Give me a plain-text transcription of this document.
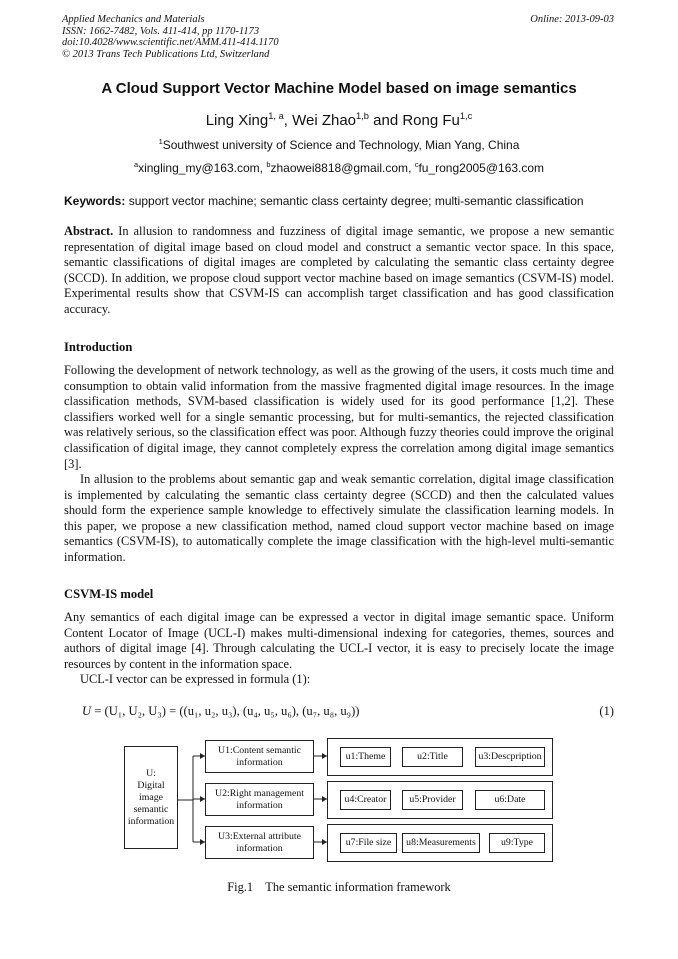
Applied Mechanics and Materials
ISSN: 1662-7482, Vols. 411-414, pp 1170-1173
doi:10.4028/www.scientific.net/AMM.411-414.1170
© 2013 Trans Tech Publications Ltd, Switzerland
Online: 2013-09-03
A Cloud Support Vector Machine Model based on image semantics
Ling Xing$^{1, a}$, Wei Zhao$^{1,b}$ and Rong Fu$^{1,c}$
$^1$Southwest university of Science and Technology, Mian Yang, China
$^a$xingling_my@163.com, $^b$zhaowei8818@gmail.com, $^c$fu_rong2005@163.com
Keywords: support vector machine; semantic class certainty degree; multi-semantic classification

Abstract. In allusion to randomness and fuzziness of digital image semantic, we propose a new semantic representation of digital image based on cloud model and construct a semantic vector space. In this space, semantic classifications of digital images are completed by calculating the semantic class certainty degree (SCCD). In addition, we propose cloud support vector machine based on image semantics (CSVM-IS) model. Experimental results show that CSVM-IS can accomplish target classification and has good classification accuracy.

Introduction

Following the development of network technology, as well as the growing of the users, it costs much time and consumption to obtain valid information from the massive fragmented digital image resources. In the image classification methods, SVM-based classification is widely used for its good performance [1,2]. These classifiers worked well for a single semantic processing, but for multi-semantics, the rejected classification was relatively serious, so the classification effect was poor. Although fuzzy theories could improve the original classification of digital image, they cannot completely express the correlation among digital image semantics [3].

In allusion to the problems about semantic gap and weak semantic correlation, digital image classification is implemented by calculating the semantic class certainty degree (SCCD) and then the calculated values should form the experience sample knowledge to effectively simulate the classification learning models. In this paper, we propose a new classification method, named cloud support vector machine based on image semantics (CSVM-IS), to automatically complete the image classification with the high-level multi-semantic information.

CSVM-IS model

Any semantics of each digital image can be expressed a vector in digital image semantic space. Uniform Content Locator of Image (UCL-I) makes multi-dimensional indexing for categories, themes, sources and authors of digital image [4]. Through calculating the UCL-I vector, it is easy to precisely locate the image resources by content in the information space.

UCL-I vector can be expressed in formula (1):

U = (U₁, U₂, U₃) = ((u₁, u₂, u₃), (u₄, u₅, u₆), (u₇, u₈, u₉))	(1)
U:
Digital
image
semantic
information
U1:Content semantic
information
U2:Right management
information
U3:External attribute
information
u1:Theme	u2:Title	u3:Descpription
u4:Creator	u5:Provider	u6:Date
u7:File size	u8:Measurements	u9:Type
Fig.1    The semantic information framework
